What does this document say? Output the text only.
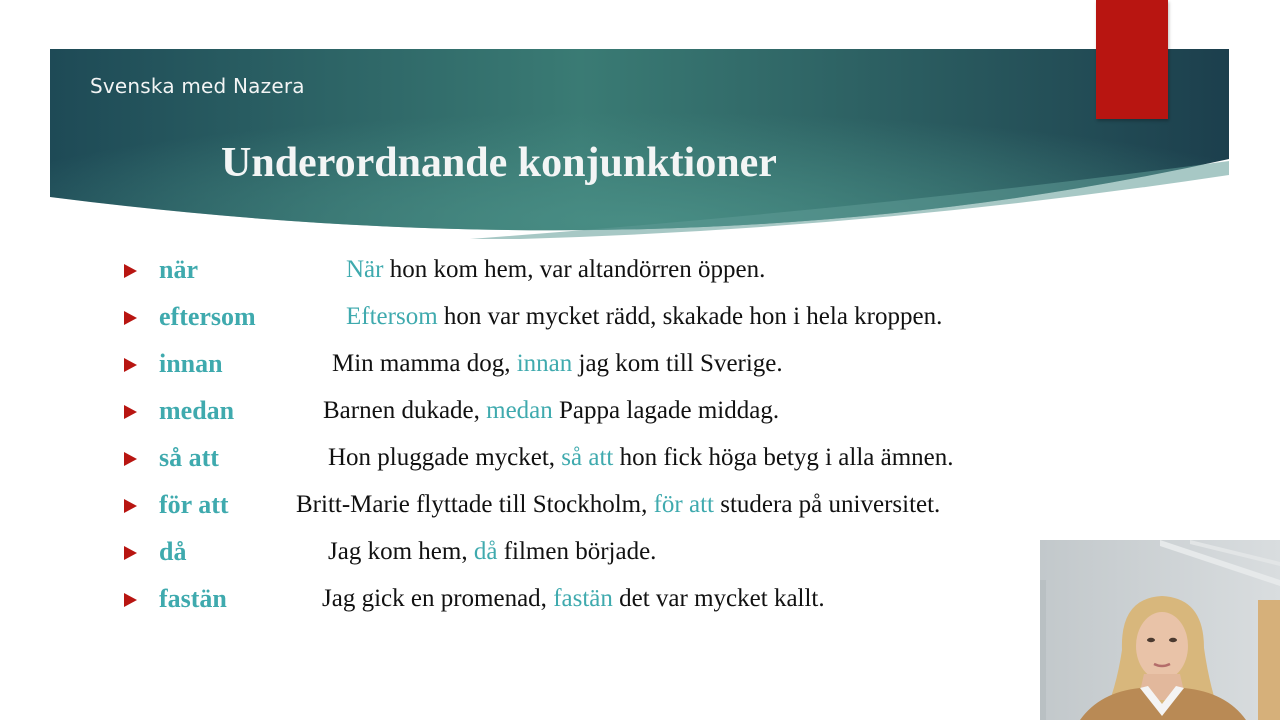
Svenska med Nazera
Underordnande konjunktioner
när	När hon kom hem, var altandörren öppen.
eftersom	Eftersom hon var mycket rädd, skakade hon i hela kroppen.
innan	Min mamma dog, innan jag kom till Sverige.
medan	Barnen dukade, medan Pappa lagade middag.
så att	Hon pluggade mycket, så att hon fick höga betyg i alla ämnen.
för att	Britt-Marie flyttade till Stockholm, för att studera på universitet.
då	Jag kom hem, då filmen började.
fastän	Jag gick en promenad, fastän det var mycket kallt.
